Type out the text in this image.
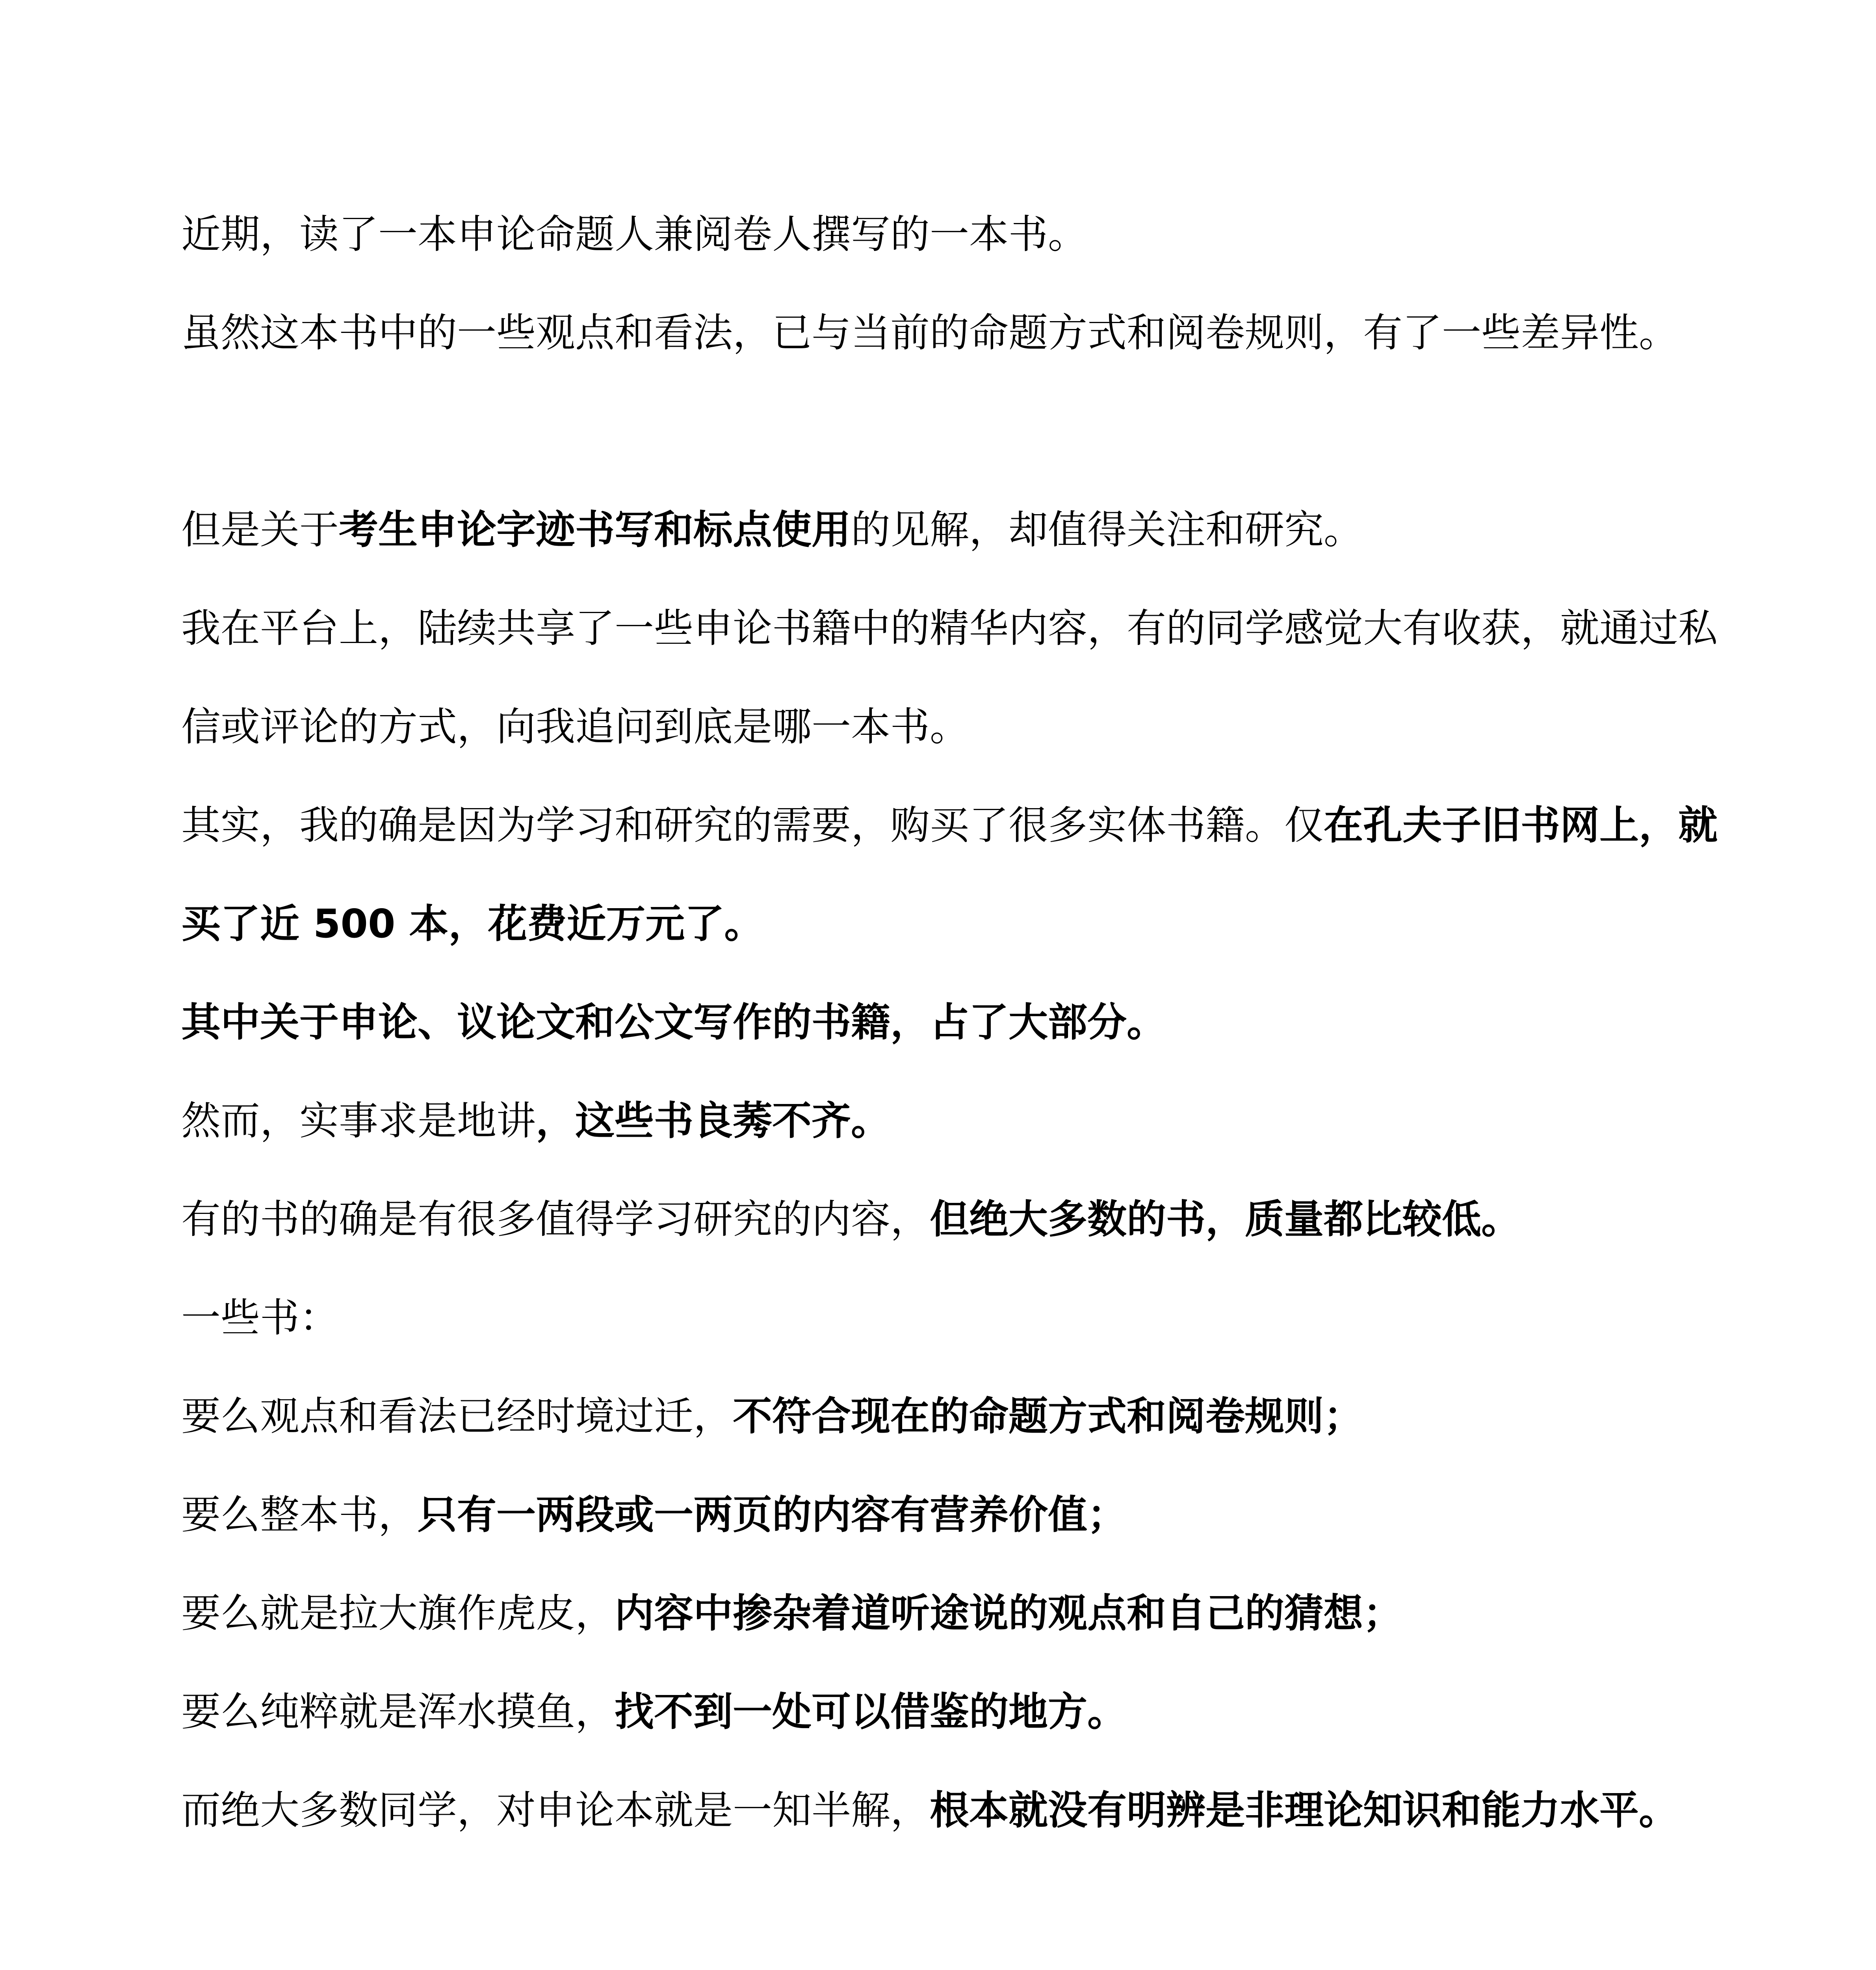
近期，读了一本申论命题人兼阅卷人撰写的一本书。

虽然这本书中的一些观点和看法，已与当前的命题方式和阅卷规则，有了一些差异性。

但是关于考生申论字迹书写和标点使用的见解，却值得关注和研究。

我在平台上，陆续共享了一些申论书籍中的精华内容，有的同学感觉大有收获，就通过私信或评论的方式，向我追问到底是哪一本书。

其实，我的确是因为学习和研究的需要，购买了很多实体书籍。仅在孔夫子旧书网上，就买了近 500 本，花费近万元了。

其中关于申论、议论文和公文写作的书籍，占了大部分。

然而，实事求是地讲，这些书良莠不齐。

有的书的确是有很多值得学习研究的内容，但绝大多数的书，质量都比较低。

一些书：

要么观点和看法已经时境过迁，不符合现在的命题方式和阅卷规则；

要么整本书，只有一两段或一两页的内容有营养价值；

要么就是拉大旗作虎皮，内容中掺杂着道听途说的观点和自己的猜想；

要么纯粹就是浑水摸鱼，找不到一处可以借鉴的地方。

而绝大多数同学，对申论本就是一知半解，根本就没有明辨是非理论知识和能力水平。
